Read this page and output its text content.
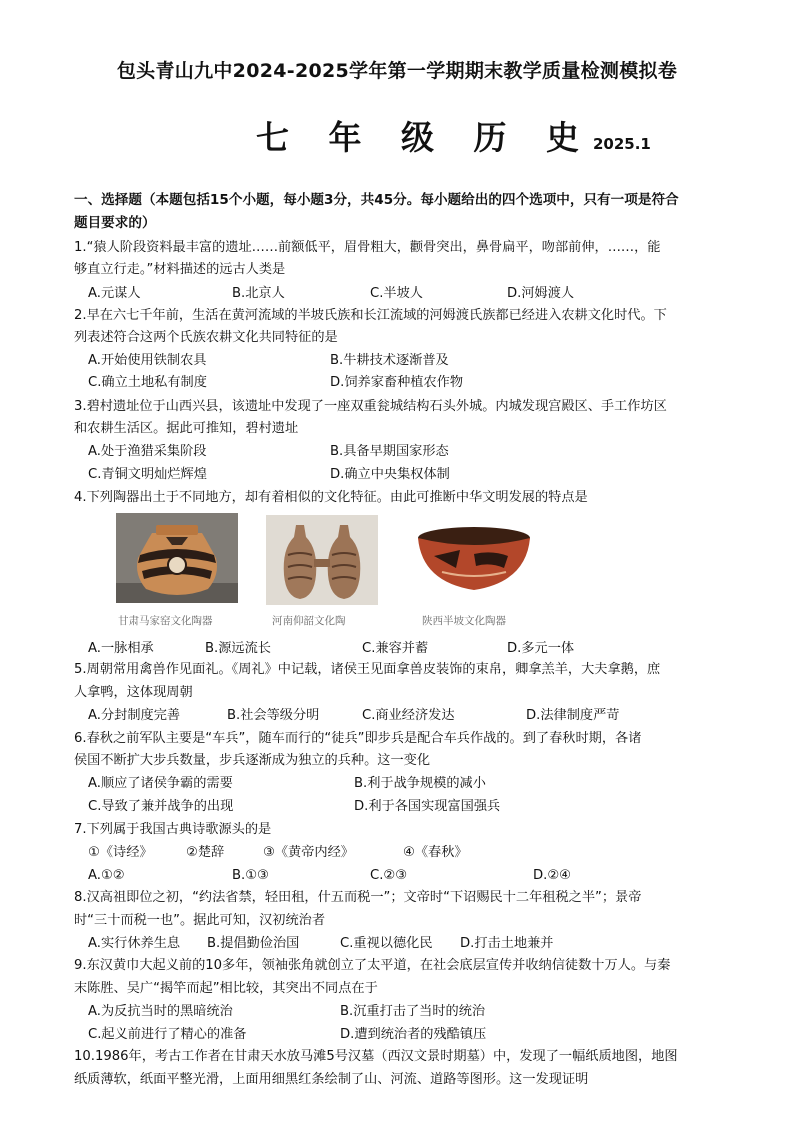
包头青山九中2024-2025学年第一学期期末教学质量检测模拟卷
七 年 级 历 史2025.1
一、选择题（本题包括15个小题，每小题3分，共45分。每小题给出的四个选项中，只有一项是符合
题目要求的）
1.“猿人阶段资料最丰富的遗址……前额低平，眉骨粗大，颧骨突出，鼻骨扁平，吻部前伸，……，能
够直立行走。”材料描述的远古人类是
A.元谋人	B.北京人	C.半坡人	D.河姆渡人
2.早在六七千年前，生活在黄河流域的半坡氏族和长江流域的河姆渡氏族都已经进入农耕文化时代。下
列表述符合这两个氏族农耕文化共同特征的是
A.开始使用铁制农具	B.牛耕技术逐渐普及
C.确立土地私有制度	D.饲养家畜种植农作物
3.碧村遗址位于山西兴县，该遗址中发现了一座双重瓮城结构石头外城。内城发现宫殿区、手工作坊区
和农耕生活区。据此可推知，碧村遗址
A.处于渔猎采集阶段	B.具备早期国家形态
C.青铜文明灿烂辉煌	D.确立中央集权体制
4.下列陶器出土于不同地方，却有着相似的文化特征。由此可推断中华文明发展的特点是
甘肃马家窑文化陶器	河南仰韶文化陶	陕西半坡文化陶器
A.一脉相承	B.源远流长	C.兼容并蓄	D.多元一体
5.周朝常用禽兽作见面礼。《周礼》中记载，诸侯王见面拿兽皮装饰的束帛，卿拿羔羊，大夫拿鹅，庶
人拿鸭，这体现周朝
A.分封制度完善	B.社会等级分明	C.商业经济发达	D.法律制度严苛
6.春秋之前军队主要是“车兵”，随车而行的“徒兵”即步兵是配合车兵作战的。到了春秋时期，各诸
侯国不断扩大步兵数量，步兵逐渐成为独立的兵种。这一变化
A.顺应了诸侯争霸的需要	B.利于战争规模的减小
C.导致了兼并战争的出现	D.利于各国实现富国强兵
7.下列属于我国古典诗歌源头的是
①《诗经》	②楚辞	③《黄帝内经》	④《春秋》
A.①②	B.①③	C.②③	D.②④
8.汉高祖即位之初，“约法省禁，轻田租，什五而税一”；文帝时“下诏赐民十二年租税之半”；景帝
时“三十而税一也”。据此可知，汉初统治者
A.实行休养生息 B.提倡勤俭治国	C.重视以德化民 D.打击土地兼并
9.东汉黄巾大起义前的10多年，领袖张角就创立了太平道，在社会底层宣传并收纳信徒数十万人。与秦
末陈胜、吴广“揭竿而起”相比较，其突出不同点在于
A.为反抗当时的黑暗统治	B.沉重打击了当时的统治
C.起义前进行了精心的准备	D.遭到统治者的残酷镇压
10.1986年，考古工作者在甘肃天水放马滩5号汉墓（西汉文景时期墓）中，发现了一幅纸质地图，地图
纸质薄软，纸面平整光滑，上面用细黑红条绘制了山、河流、道路等图形。这一发现证明
